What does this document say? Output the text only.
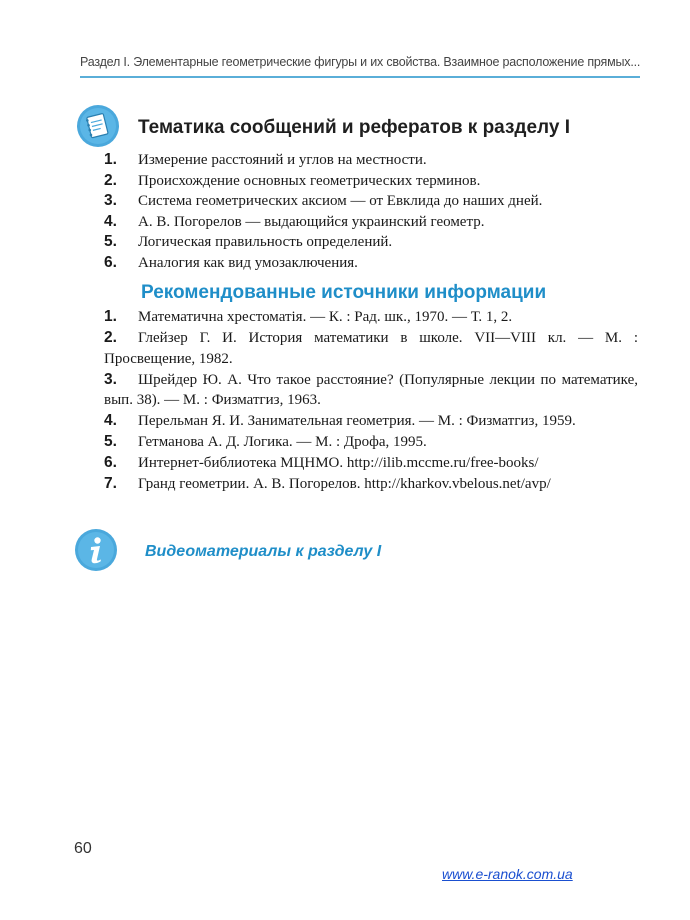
Раздел I. Элементарные геометрические фигуры и их свойства. Взаимное расположение прямых...
Тематика сообщений и рефератов к разделу I
1. Измерение расстояний и углов на местности.
2. Происхождение основных геометрических терминов.
3. Система геометрических аксиом — от Евклида до наших дней.
4. А. В. Погорелов — выдающийся украинский геометр.
5. Логическая правильность определений.
6. Аналогия как вид умозаключения.
Рекомендованные источники информации
1. Математична хрестоматія. — К. : Рад. шк., 1970. — Т. 1, 2.
2. Глейзер Г. И. История математики в школе. VII—VIII кл. — М. : Просвещение, 1982.
3. Шрейдер Ю. А. Что такое расстояние? (Популярные лекции по математике, вып. 38). — М. : Физматгиз, 1963.
4. Перельман Я. И. Занимательная геометрия. — М. : Физматгиз, 1959.
5. Гетманова А. Д. Логика. — М. : Дрофа, 1995.
6. Интернет-библиотека МЦНМО. http://ilib.mccme.ru/free-books/
7. Гранд геометрии. А. В. Погорелов. http://kharkov.vbelous.net/avp/
Видеоматериалы к разделу I
60
www.e-ranok.com.ua
